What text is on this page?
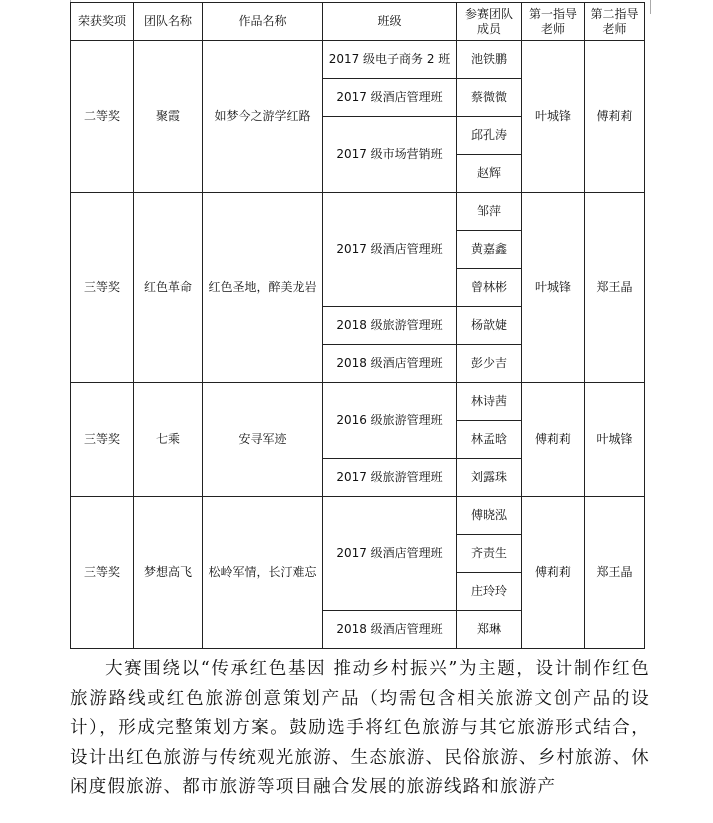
荣获奖项	团队名称	作品名称	班级	参赛团队成员	第一指导老师	第二指导老师
二等奖	聚霞	如梦今之游学红路	2017 级电子商务 2 班	池铁鹏	叶城锋	傅莉莉
			2017 级酒店管理班	蔡微微		
			2017 级市场营销班	邱孔涛		
				赵辉		
三等奖	红色革命	红色圣地，醉美龙岩	2017 级酒店管理班	邹萍	叶城锋	郑王晶
				黄嘉鑫		
				曾林彬		
			2018 级旅游管理班	杨歆婕		
			2018 级酒店管理班	彭少吉		
三等奖	七乘	安寻军迹	2016 级旅游管理班	林诗茜	傅莉莉	叶城锋
				林孟晗		
			2017 级旅游管理班	刘露珠		
三等奖	梦想高飞	松岭军情，长汀难忘	2017 级酒店管理班	傅晓泓	傅莉莉	郑王晶
				齐责生		
				庄玲玲		
			2018 级酒店管理班	郑琳		

大赛围绕以“传承红色基因 推动乡村振兴”为主题，设计制作红色旅游路线或红色旅游创意策划产品（均需包含相关旅游文创产品的设计），形成完整策划方案。鼓励选手将红色旅游与其它旅游形式结合，设计出红色旅游与传统观光旅游、生态旅游、民俗旅游、乡村旅游、休闲度假旅游、都市旅游等项目融合发展的旅游线路和旅游产
